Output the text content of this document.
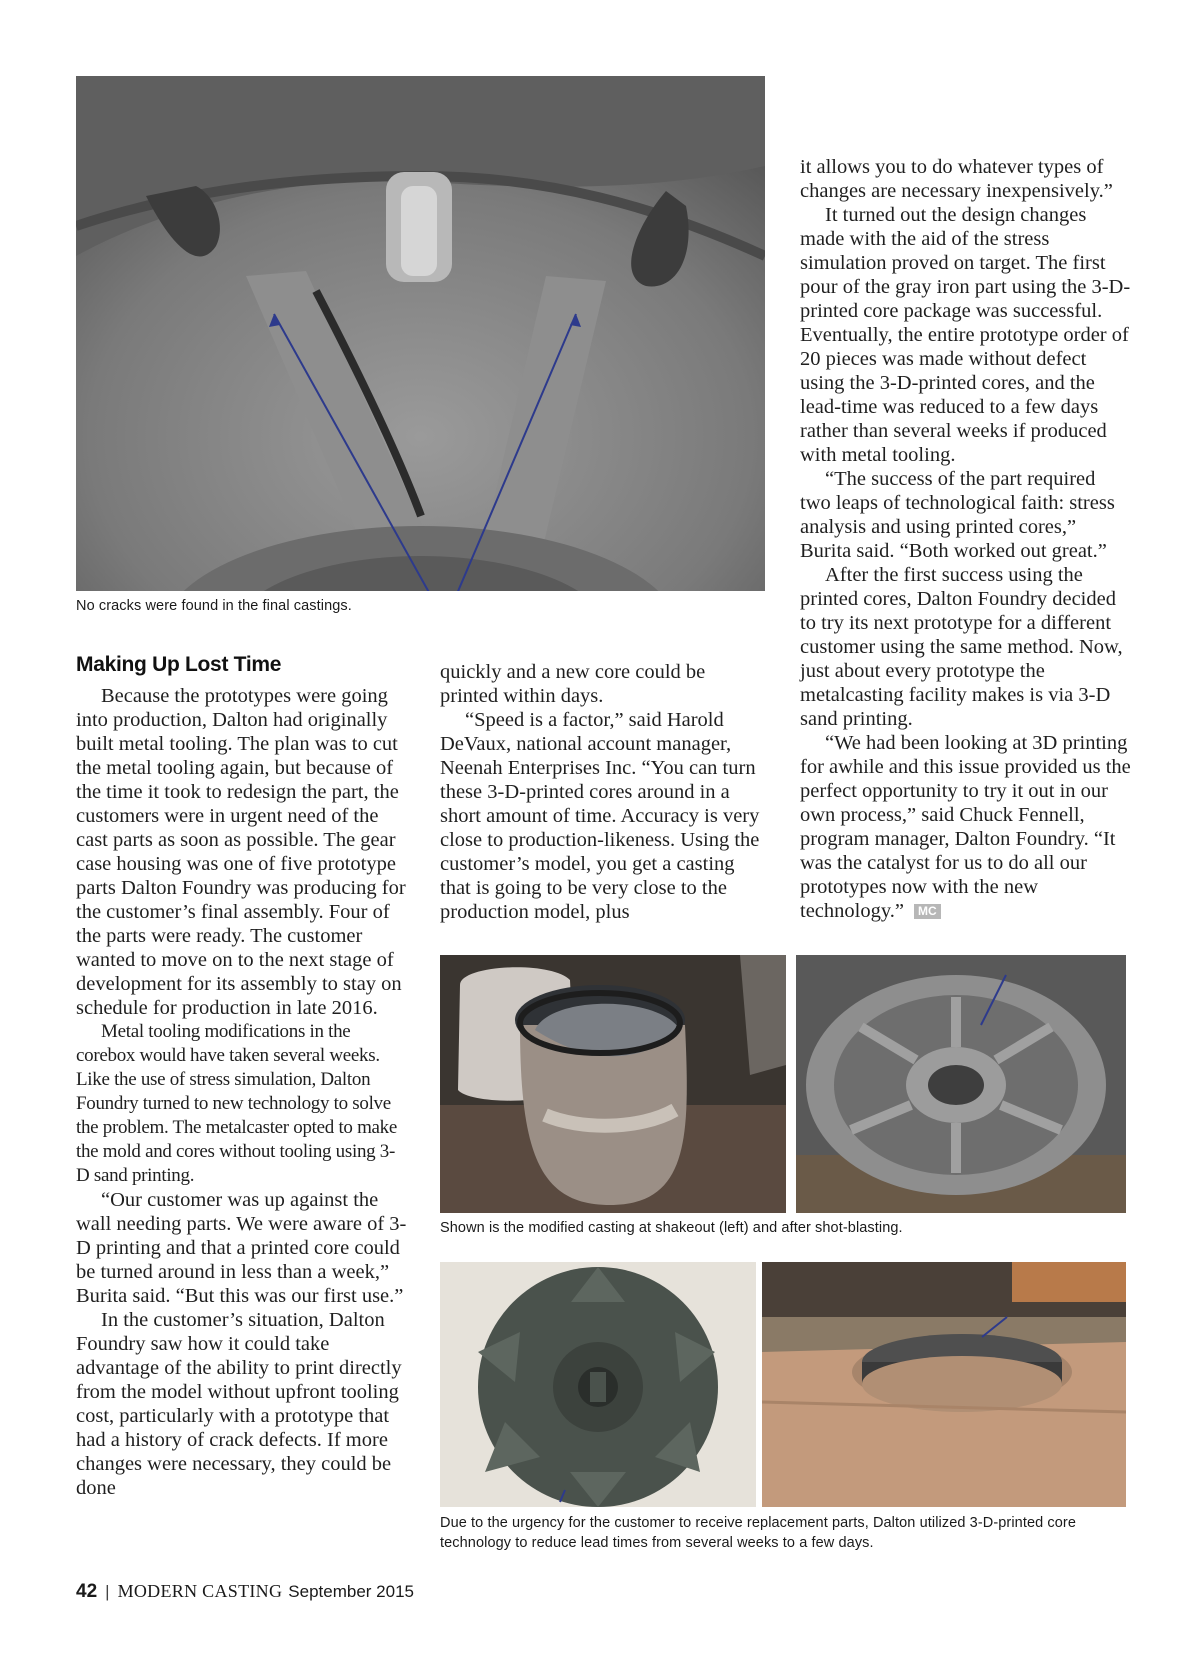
No cracks were found in the final castings.
Making Up Lost Time

Because the prototypes were going into production, Dalton had originally built metal tooling. The plan was to cut the metal tooling again, but because of the time it took to redesign the part, the customers were in urgent need of the cast parts as soon as possible. The gear case housing was one of five prototype parts Dalton Foundry was producing for the customer’s final assembly. Four of the parts were ready. The customer wanted to move on to the next stage of development for its assembly to stay on schedule for production in late 2016.

Metal tooling modifications in the corebox would have taken several weeks. Like the use of stress simulation, Dalton Foundry turned to new technology to solve the problem. The metalcaster opted to make the mold and cores without tooling using 3-D sand printing.

“Our customer was up against the wall needing parts. We were aware of 3-D printing and that a printed core could be turned around in less than a week,” Burita said. “But this was our first use.”

In the customer’s situation, Dalton Foundry saw how it could take advantage of the ability to print directly from the model without upfront tooling cost, particularly with a prototype that had a history of crack defects. If more changes were necessary, they could be done

quickly and a new core could be printed within days.

“Speed is a factor,” said Harold DeVaux, national account manager, Neenah Enterprises Inc. “You can turn these 3-D-printed cores around in a short amount of time. Accuracy is very close to production-likeness. Using the customer’s model, you get a casting that is going to be very close to the production model, plus

it allows you to do whatever types of changes are necessary inexpensively.”

It turned out the design changes made with the aid of the stress simulation proved on target. The first pour of the gray iron part using the 3-D-printed core package was successful. Eventually, the entire prototype order of 20 pieces was made without defect using the 3-D-printed cores, and the lead-time was reduced to a few days rather than several weeks if produced with metal tooling.

“The success of the part required two leaps of technological faith: stress analysis and using printed cores,” Burita said. “Both worked out great.”

After the first success using the printed cores, Dalton Foundry decided to try its next prototype for a different customer using the same method. Now, just about every prototype the metalcasting facility makes is via 3-D sand printing.

“We had been looking at 3D printing for awhile and this issue provided us the perfect opportunity to try it out in our own process,” said Chuck Fennell, program manager, Dalton Foundry. “It was the catalyst for us to do all our prototypes now with the new technology.” MC

Shown is the modified casting at shakeout (left) and after shot-blasting.
Due to the urgency for the customer to receive replacement parts, Dalton utilized 3-D-printed core technology to reduce lead times from several weeks to a few days.
42 | MODERN CASTING September 2015
